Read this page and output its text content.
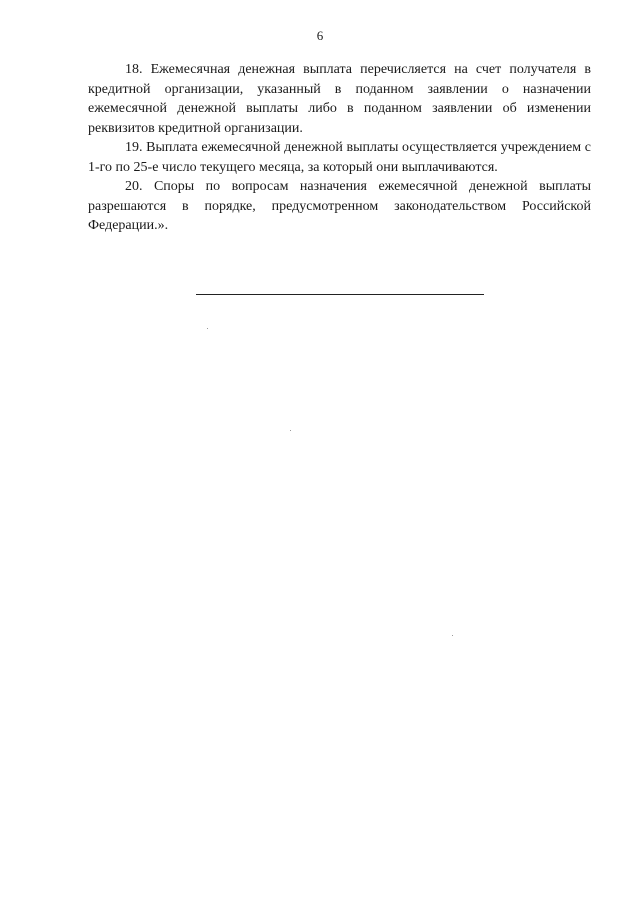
6

18. Ежемесячная денежная выплата перечисляется на счет получателя в кредитной организации, указанный в поданном заявлении о назначении ежемесячной денежной выплаты либо в поданном заявлении об изменении реквизитов кредитной организации.

19. Выплата ежемесячной денежной выплаты осуществляется учреждением с 1-го по 25-е число текущего месяца, за который они выплачиваются.

20. Споры по вопросам назначения ежемесячной денежной выплаты разрешаются в порядке, предусмотренном законодательством Российской Федерации.».
